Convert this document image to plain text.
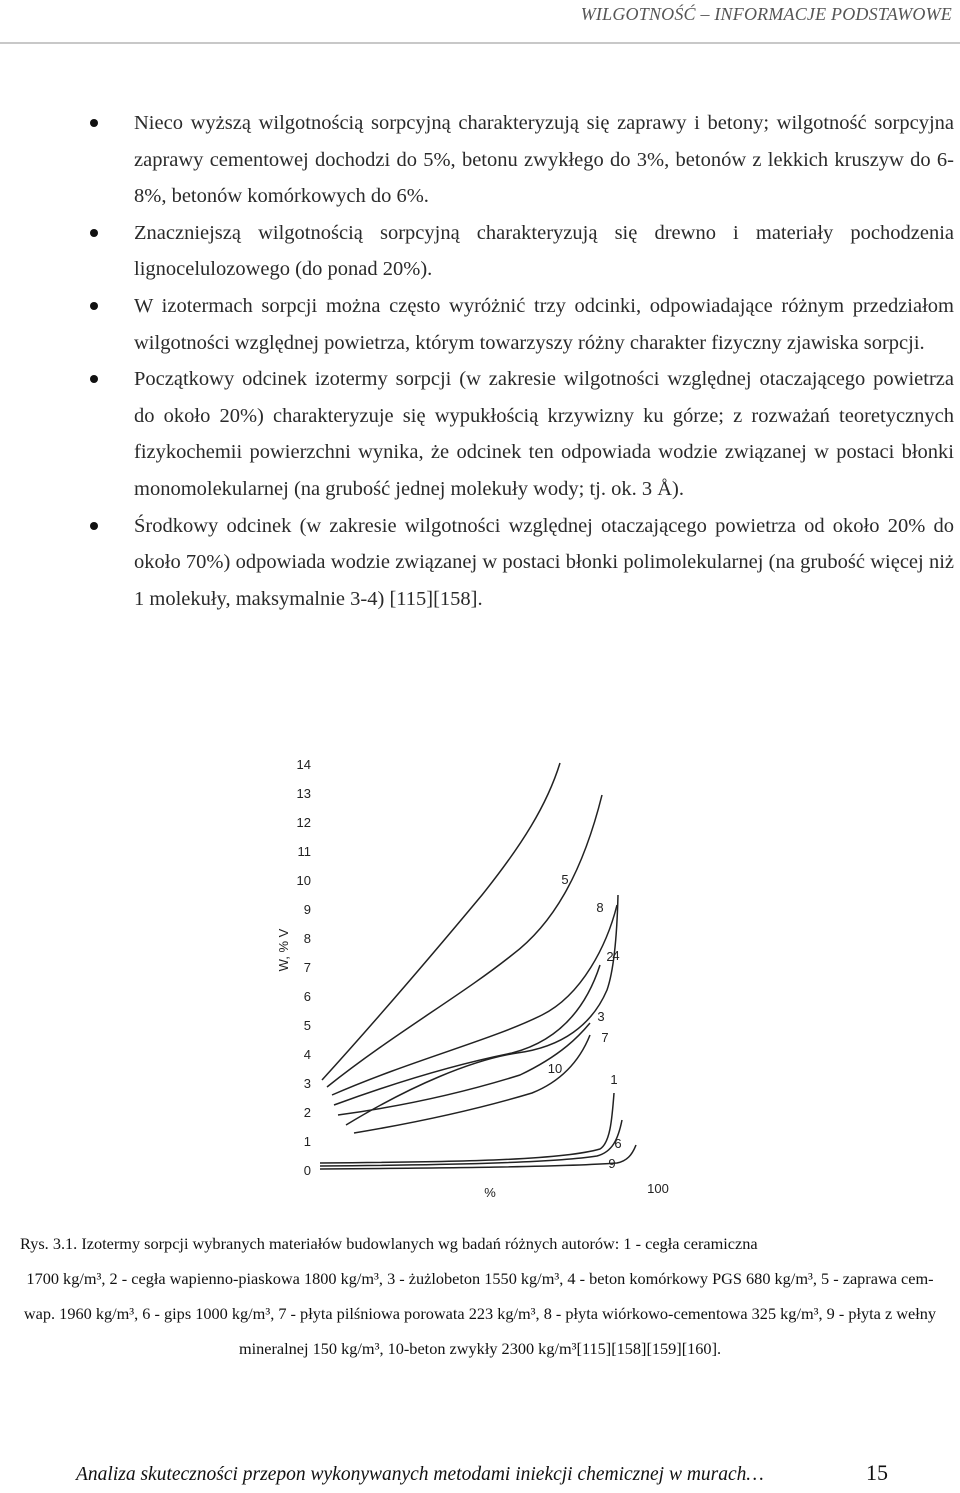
WILGOTNOŚĆ – INFORMACJE PODSTAWOWE
Nieco wyższą wilgotnością sorpcyjną charakteryzują się zaprawy i betony; wilgotność sorpcyjna zaprawy cementowej dochodzi do 5%, betonu zwykłego do 3%, betonów z lekkich kruszyw do 6-8%, betonów komórkowych do 6%.
Znaczniejszą wilgotnością sorpcyjną charakteryzują się drewno i materiały pochodzenia lignocelulozowego (do ponad 20%).
W izotermach sorpcji można często wyróżnić trzy odcinki, odpowiadające różnym przedziałom wilgotności względnej powietrza, którym towarzyszy różny charakter fizyczny zjawiska sorpcji.
Początkowy odcinek izotermy sorpcji (w zakresie wilgotności względnej otaczającego powietrza do około 20%) charakteryzuje się wypukłością krzywizny ku górze; z rozważań teoretycznych fizykochemii powierzchni wynika, że odcinek ten odpowiada wodzie związanej w postaci błonki monomolekularnej (na grubość jednej molekuły wody; tj. ok. 3 Å).
Środkowy odcinek (w zakresie wilgotności względnej otaczającego powietrza od około 20% do około 70%) odpowiada wodzie związanej w postaci błonki polimolekularnej (na grubość więcej niż 1 molekuły, maksymalnie 3-4) [115][158].
0
1
2
3
4
5
6
7
8
9
10
11
12
13
14
W, % V
1
2
3
4
5
6
7
8
9
10
%	100
Rys. 3.1. Izotermy sorpcji wybranych materiałów budowlanych wg badań różnych autorów: 1 - cegła ceramiczna
1700 kg/m³, 2 - cegła wapienno-piaskowa 1800 kg/m³, 3 - żużlobeton 1550 kg/m³, 4 - beton komórkowy PGS 680 kg/m³, 5 - zaprawa cem-wap. 1960 kg/m³, 6 - gips 1000 kg/m³, 7 - płyta pilśniowa porowata 223 kg/m³, 8 - płyta wiórkowo-cementowa 325 kg/m³, 9 - płyta z wełny mineralnej 150 kg/m³, 10-beton zwykły 2300 kg/m³[115][158][159][160].
Analiza skuteczności przepon wykonywanych metodami iniekcji chemicznej w murach…	15
